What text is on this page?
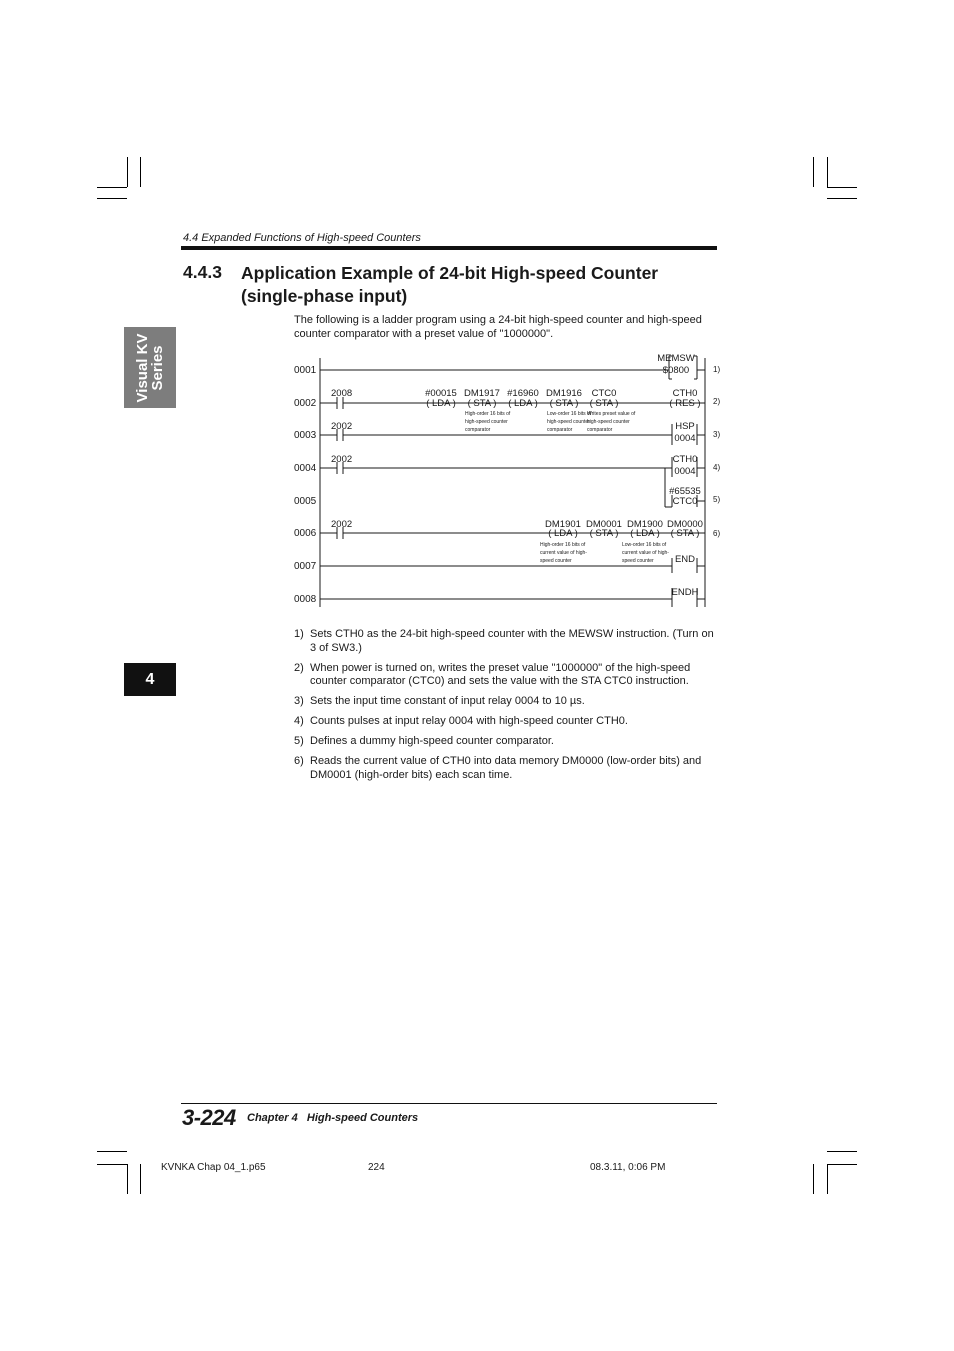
4.4 Expanded Functions of High-speed Counters
4.4.3 Application Example of 24-bit High-speed Counter (single-phase input)
The following is a ladder program using a 24-bit high-speed counter and high-speed counter comparator with a preset value of "1000000".
Visual KV
Series
4
0001
0002
0003
0004
0005
0006
0007
0008
1)
2)
3)
4)
5)
6)
2008
2002
2002
2002
MEMSW
$0800
#00015
( LDA )
DM1917
( STA )
High-order 16 bits of
high-speed counter
comparator
#16960
( LDA )
DM1916
( STA )
Low-order 16 bits of
high-speed counter
comparator
CTC0
( STA )
Writes preset value of
high-speed counter
comparator
CTH0
( RES )
HSP
0004
CTH0
0004
#65535
CTC0
DM1901
( LDA )
High-order 16 bits of
current value of high-
speed counter
DM0001
( STA )
DM1900
( LDA )
Low-order 16 bits of
current value of high-
speed counter
DM0000
( STA )
END
ENDH
1) Sets CTH0 as the 24-bit high-speed counter with the MEWSW instruction. (Turn on 3 of SW3.)
2) When power is turned on, writes the preset value "1000000" of the high-speed counter comparator (CTC0) and sets the value with the STA CTC0 instruction.
3) Sets the input time constant of input relay 0004 to 10 µs.
4) Counts pulses at input relay 0004 with high-speed counter CTH0.
5) Defines a dummy high-speed counter comparator.
6) Reads the current value of CTH0 into data memory DM0000 (low-order bits) and DM0001 (high-order bits) each scan time.
3-224 Chapter 4   High-speed Counters
KVNKA Chap 04_1.p65	224	08.3.11, 0:06 PM
